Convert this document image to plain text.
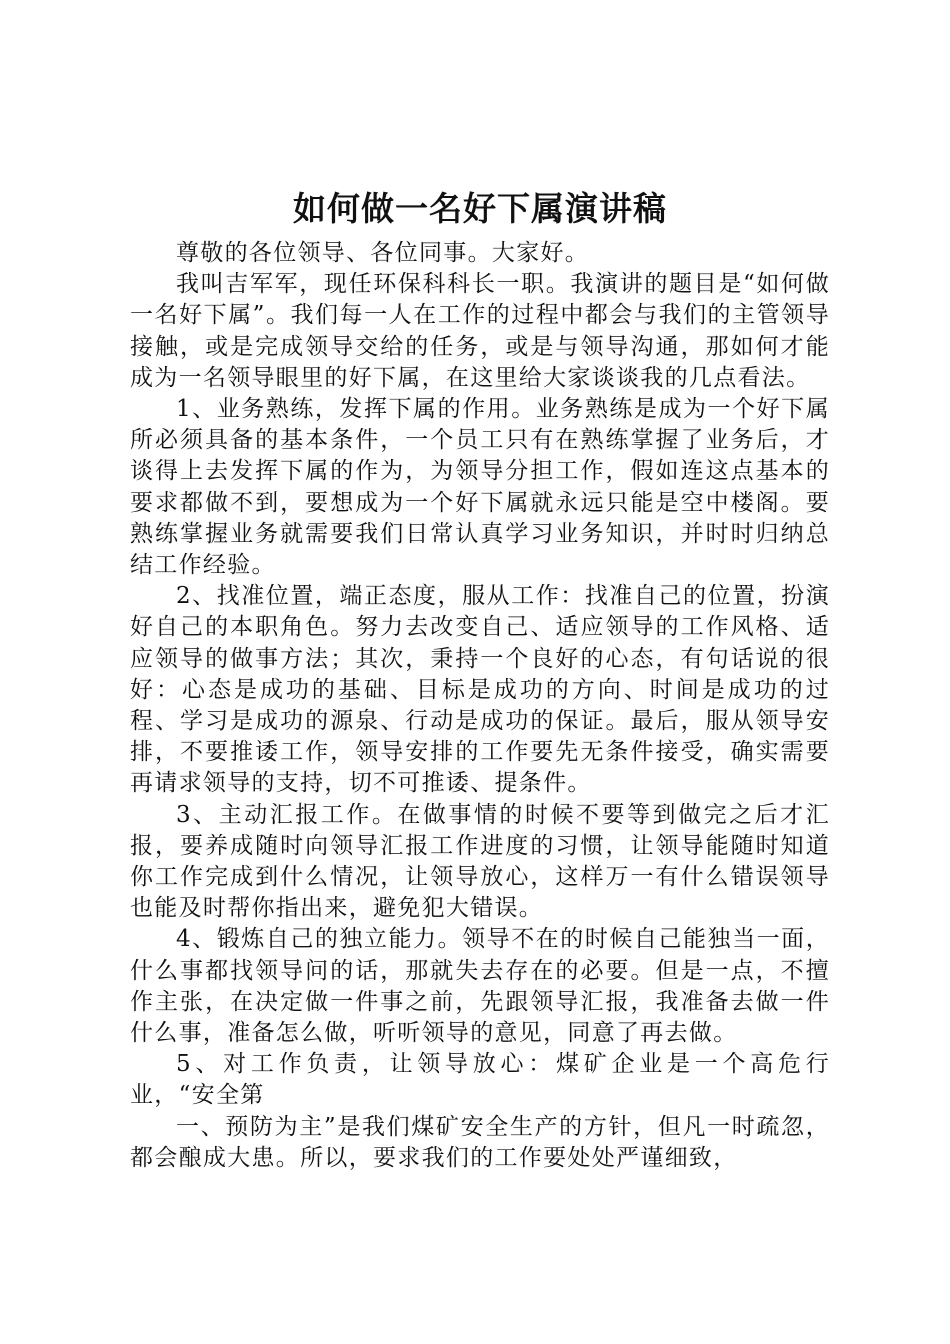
如何做一名好下属演讲稿

尊敬的各位领导、各位同事。大家好。

我叫吉军军，现任环保科科长一职。我演讲的题目是“如何做一名好下属”。我们每一人在工作的过程中都会与我们的主管领导接触，或是完成领导交给的任务，或是与领导沟通，那如何才能成为一名领导眼里的好下属，在这里给大家谈谈我的几点看法。

1、业务熟练，发挥下属的作用。业务熟练是成为一个好下属所必须具备的基本条件，一个员工只有在熟练掌握了业务后，才谈得上去发挥下属的作为，为领导分担工作，假如连这点基本的要求都做不到，要想成为一个好下属就永远只能是空中楼阁。要熟练掌握业务就需要我们日常认真学习业务知识，并时时归纳总结工作经验。

2、找准位置，端正态度，服从工作：找准自己的位置，扮演好自己的本职角色。努力去改变自己、适应领导的工作风格、适应领导的做事方法；其次，秉持一个良好的心态，有句话说的很好：心态是成功的基础、目标是成功的方向、时间是成功的过程、学习是成功的源泉、行动是成功的保证。最后，服从领导安排，不要推诿工作，领导安排的工作要先无条件接受，确实需要再请求领导的支持，切不可推诿、提条件。

3、主动汇报工作。在做事情的时候不要等到做完之后才汇报，要养成随时向领导汇报工作进度的习惯，让领导能随时知道你工作完成到什么情况，让领导放心，这样万一有什么错误领导也能及时帮你指出来，避免犯大错误。

4、锻炼自己的独立能力。领导不在的时候自己能独当一面，什么事都找领导问的话，那就失去存在的必要。但是一点，不擅作主张，在决定做一件事之前，先跟领导汇报，我准备去做一件什么事，准备怎么做，听听领导的意见，同意了再去做。

5、对工作负责，让领导放心：煤矿企业是一个高危行业，“安全第

一、预防为主”是我们煤矿安全生产的方针，但凡一时疏忽，都会酿成大患。所以，要求我们的工作要处处严谨细致，
